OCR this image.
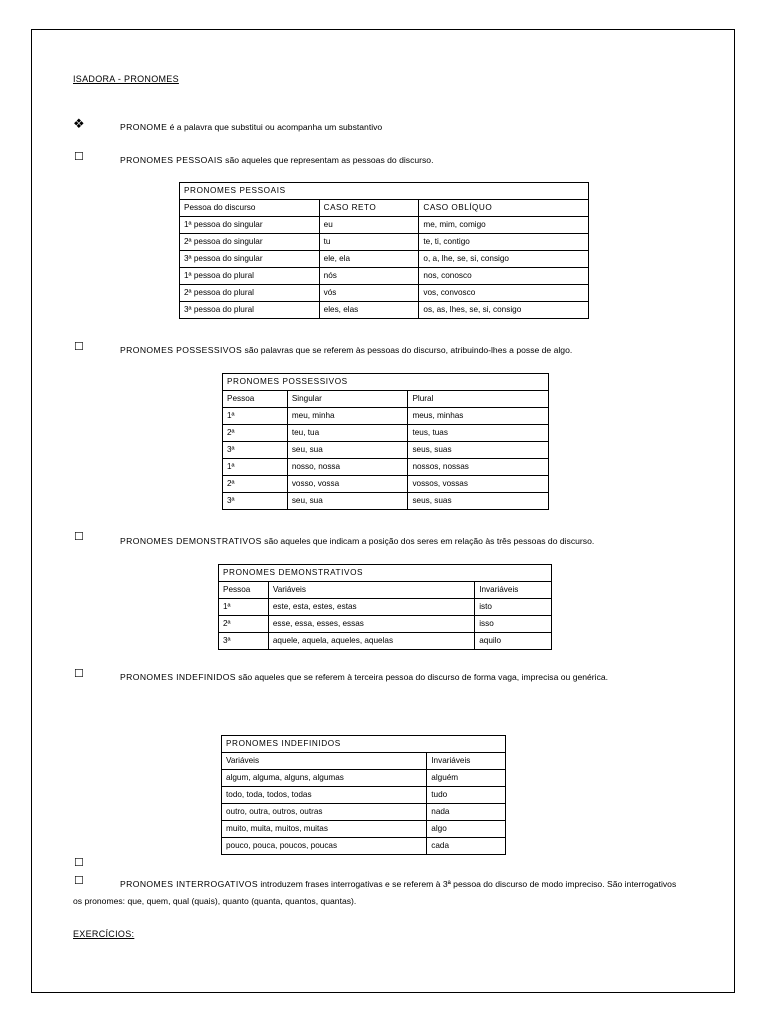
ISADORA - PRONOMES
❖	PRONOME é a palavra que substitui ou acompanha um substantivo
☐	PRONOMES PESSOAIS são aqueles que representam as pessoas do discurso.
PRONOMES PESSOAIS		
Pessoa do discurso	CASO RETO	CASO OBLÍQUO
1ª pessoa do singular	eu	me, mim, comigo
2ª pessoa do singular	tu	te, ti, contigo
3ª pessoa do singular	ele, ela	o, a, lhe, se, si, consigo
1ª pessoa do plural	nós	nos, conosco
2ª pessoa do plural	vós	vos, convosco
3ª pessoa do plural	eles, elas	os, as, lhes, se, si, consigo
☐	PRONOMES POSSESSIVOS são palavras que se referem às pessoas do discurso, atribuindo-lhes a posse de algo.
PRONOMES POSSESSIVOS		
Pessoa	Singular	Plural
1ª	meu, minha	meus, minhas
2ª	teu, tua	teus, tuas
3ª	seu, sua	seus, suas
1ª	nosso, nossa	nossos, nossas
2ª	vosso, vossa	vossos, vossas
3ª	seu, sua	seus, suas
☐	PRONOMES DEMONSTRATIVOS são aqueles que indicam a posição dos seres em relação às três pessoas do discurso.
PRONOMES DEMONSTRATIVOS		
Pessoa	Variáveis	Invariáveis
1ª	este, esta, estes, estas	isto
2ª	esse, essa, esses, essas	isso
3ª	aquele, aquela, aqueles, aquelas	aquilo
☐	PRONOMES INDEFINIDOS são aqueles que se referem à terceira pessoa do discurso de forma vaga, imprecisa ou genérica.
PRONOMES INDEFINIDOS	
Variáveis	Invariáveis
algum, alguma, alguns, algumas	alguém
todo, toda, todos, todas	tudo
outro, outra, outros, outras	nada
muito, muita, muitos, muitas	algo
pouco, pouca, poucos, poucas	cada
☐
☐	PRONOMES INTERROGATIVOS introduzem frases interrogativas e se referem à 3ª pessoa do discurso de modo impreciso. São interrogativos
os pronomes: que, quem, qual (quais), quanto (quanta, quantos, quantas).
EXERCÍCIOS:
